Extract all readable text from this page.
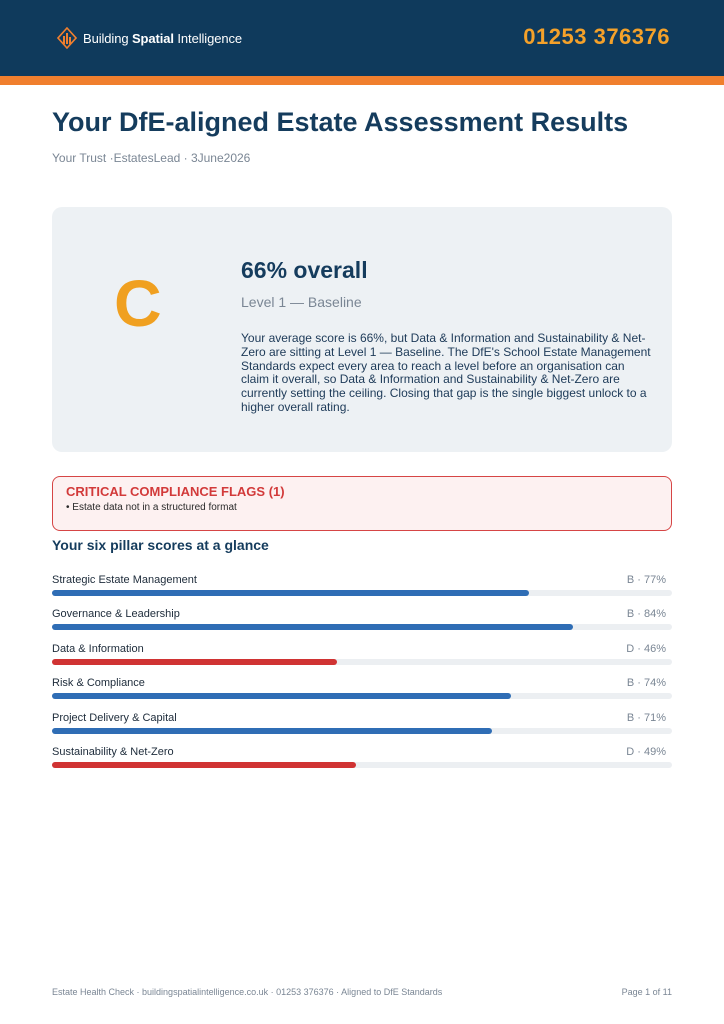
Building Spatial Intelligence	01253 376376
Your DfE-aligned Estate Assessment Results
Your Trust ·EstatesLead · 3June2026
C	66% overall
Level 1 — Baseline

Your average score is 66%, but Data & Information and Sustainability & Net-Zero are sitting at Level 1 — Baseline. The DfE's School Estate Management Standards expect every area to reach a level before an organisation can claim it overall, so Data & Information and Sustainability & Net-Zero are currently setting the ceiling. Closing that gap is the single biggest unlock to a higher overall rating.

CRITICAL COMPLIANCE FLAGS (1)
• Estate data not in a structured format
Your six pillar scores at a glance
Strategic Estate Management	B · 77%
Governance & Leadership	B · 84%
Data & Information	D · 46%
Risk & Compliance	B · 74%
Project Delivery & Capital	B · 71%
Sustainability & Net-Zero	D · 49%
Estate Health Check · buildingspatialintelligence.co.uk · 01253 376376 · Aligned to DfE Standards	Page 1 of 11
